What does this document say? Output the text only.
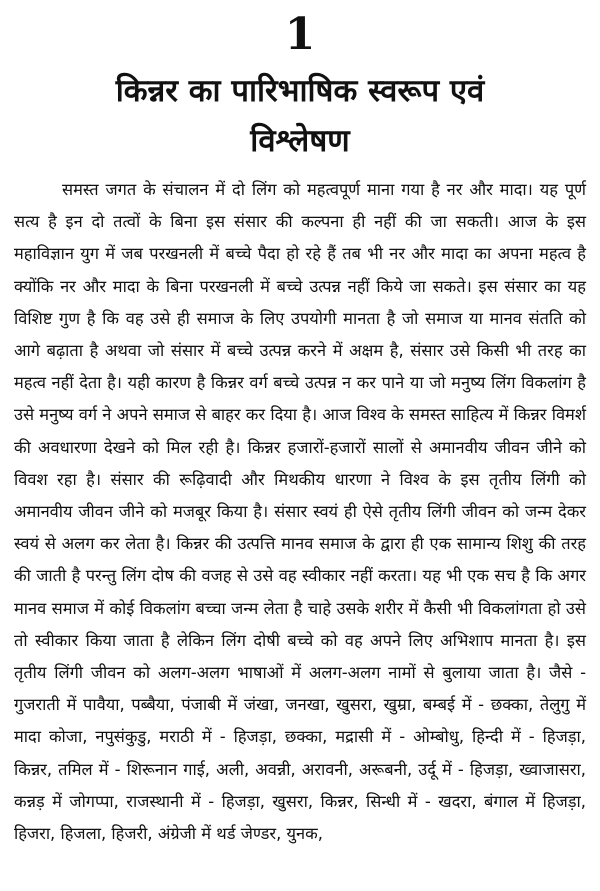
1
किन्नर का पारिभाषिक स्वरूप एवं
विश्लेषण

समस्त जगत के संचालन में दो लिंग को महत्वपूर्ण माना गया है नर और मादा। यह पूर्ण सत्य है इन दो तत्वों के बिना इस संसार की कल्पना ही नहीं की जा सकती। आज के इस महाविज्ञान युग में जब परखनली में बच्चे पैदा हो रहे हैं तब भी नर और मादा का अपना महत्व है क्योंकि नर और मादा के बिना परखनली में बच्चे उत्पन्न नहीं किये जा सकते। इस संसार का यह विशिष्ट गुण है कि वह उसे ही समाज के लिए उपयोगी मानता है जो समाज या मानव संतति को आगे बढ़ाता है अथवा जो संसार में बच्चे उत्पन्न करने में अक्षम है, संसार उसे किसी भी तरह का महत्व नहीं देता है। यही कारण है किन्नर वर्ग बच्चे उत्पन्न न कर पाने या जो मनुष्य लिंग विकलांग है उसे मनुष्य वर्ग ने अपने समाज से बाहर कर दिया है। आज विश्व के समस्त साहित्य में किन्नर विमर्श की अवधारणा देखने को मिल रही है। किन्नर हजारों-हजारों सालों से अमानवीय जीवन जीने को विवश रहा है। संसार की रूढ़िवादी और मिथकीय धारणा ने विश्व के इस तृतीय लिंगी को अमानवीय जीवन जीने को मजबूर किया है। संसार स्वयं ही ऐसे तृतीय लिंगी जीवन को जन्म देकर स्वयं से अलग कर लेता है। किन्नर की उत्पत्ति मानव समाज के द्वारा ही एक सामान्य शिशु की तरह की जाती है परन्तु लिंग दोष की वजह से उसे वह स्वीकार नहीं करता। यह भी एक सच है कि अगर मानव समाज में कोई विकलांग बच्चा जन्म लेता है चाहे उसके शरीर में कैसी भी विकलांगता हो उसे तो स्वीकार किया जाता है लेकिन लिंग दोषी बच्चे को वह अपने लिए अभिशाप मानता है। इस तृतीय लिंगी जीवन को अलग-अलग भाषाओं में अलग-अलग नामों से बुलाया जाता है। जैसे - गुजराती में पावैया, पब्बैया, पंजाबी में जंखा, जनखा, खुसरा, खुम्रा, बम्बई में - छक्का, तेलुगु में मादा कोजा, नपुसंकुडु, मराठी में - हिजड़ा, छक्का, मद्रासी में - ओम्बोधु, हिन्दी में - हिजड़ा, किन्नर, तमिल में - शिरूनान गाई, अली, अवन्नी, अरावनी, अरूबनी, उर्दू में - हिजड़ा, ख्वाजासरा, कन्नड़ में जोगप्पा, राजस्थानी में - हिजड़ा, खुसरा, किन्नर, सिन्धी में - खदरा, बंगाल में हिजड़ा, हिजरा, हिजला, हिजरी, अंग्रेजी में थर्ड जेण्डर, युनक,
